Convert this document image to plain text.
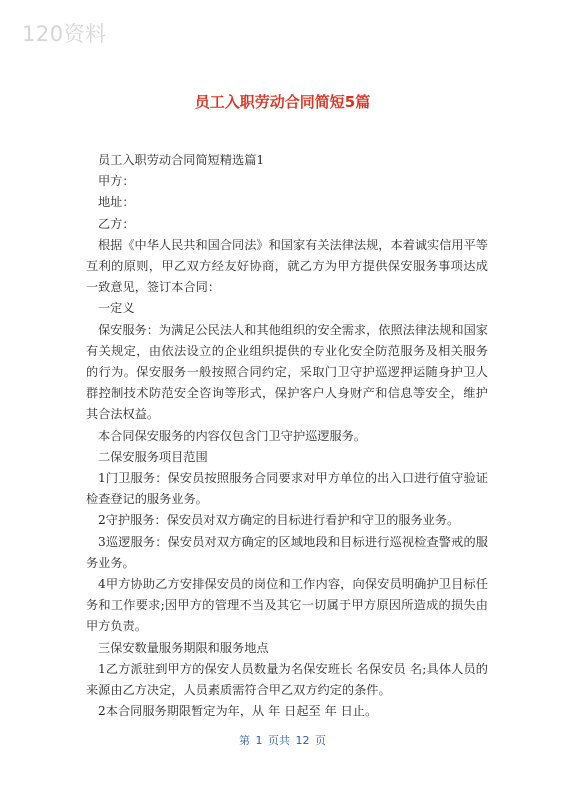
120资料
员工入职劳动合同简短5篇

员工入职劳动合同简短精选篇1

甲方：

地址：

乙方：

根据《中华人民共和国合同法》和国家有关法律法规，本着诚实信用平等互利的原则，甲乙双方经友好协商，就乙方为甲方提供保安服务事项达成一致意见，签订本合同：

一定义

保安服务：为满足公民法人和其他组织的安全需求，依照法律法规和国家有关规定，由依法设立的企业组织提供的专业化安全防范服务及相关服务的行为。保安服务一般按照合同约定，采取门卫守护巡逻押运随身护卫人群控制技术防范安全咨询等形式，保护客户人身财产和信息等安全，维护其合法权益。

本合同保安服务的内容仅包含门卫守护巡逻服务。

二保安服务项目范围

1门卫服务：保安员按照服务合同要求对甲方单位的出入口进行值守验证检查登记的服务业务。

2守护服务：保安员对双方确定的目标进行看护和守卫的服务业务。

3巡逻服务：保安员对双方确定的区域地段和目标进行巡视检查警戒的服务业务。

4甲方协助乙方安排保安员的岗位和工作内容，向保安员明确护卫目标任务和工作要求;因甲方的管理不当及其它一切属于甲方原因所造成的损失由甲方负责。

三保安数量服务期限和服务地点

1乙方派驻到甲方的保安人员数量为名保安班长 名保安员 名;具体人员的来源由乙方决定，人员素质需符合甲乙双方约定的条件。

2本合同服务期限暂定为年，从 年 日起至 年 日止。

第 1 页共 12 页
